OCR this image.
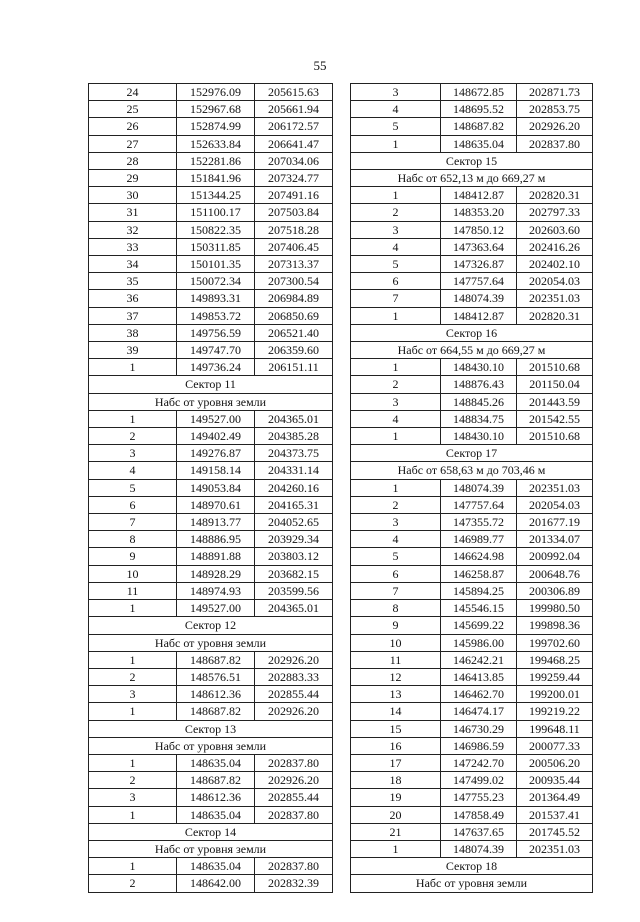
55
24	152976.09	205615.63
25	152967.68	205661.94
26	152874.99	206172.57
27	152633.84	206641.47
28	152281.86	207034.06
29	151841.96	207324.77
30	151344.25	207491.16
31	151100.17	207503.84
32	150822.35	207518.28
33	150311.85	207406.45
34	150101.35	207313.37
35	150072.34	207300.54
36	149893.31	206984.89
37	149853.72	206850.69
38	149756.59	206521.40
39	149747.70	206359.60
1	149736.24	206151.11
Сектор 11		
Набс от уровня земли		
1	149527.00	204365.01
2	149402.49	204385.28
3	149276.87	204373.75
4	149158.14	204331.14
5	149053.84	204260.16
6	148970.61	204165.31
7	148913.77	204052.65
8	148886.95	203929.34
9	148891.88	203803.12
10	148928.29	203682.15
11	148974.93	203599.56
1	149527.00	204365.01
Сектор 12		
Набс от уровня земли		
1	148687.82	202926.20
2	148576.51	202883.33
3	148612.36	202855.44
1	148687.82	202926.20
Сектор 13		
Набс от уровня земли		
1	148635.04	202837.80
2	148687.82	202926.20
3	148612.36	202855.44
1	148635.04	202837.80
Сектор 14		
Набс от уровня земли		
1	148635.04	202837.80
2	148642.00	202832.39
3	148672.85	202871.73
4	148695.52	202853.75
5	148687.82	202926.20
1	148635.04	202837.80
Сектор 15		
Набс от 652,13 м до 669,27 м		
1	148412.87	202820.31
2	148353.20	202797.33
3	147850.12	202603.60
4	147363.64	202416.26
5	147326.87	202402.10
6	147757.64	202054.03
7	148074.39	202351.03
1	148412.87	202820.31
Сектор 16		
Набс от 664,55 м до 669,27 м		
1	148430.10	201510.68
2	148876.43	201150.04
3	148845.26	201443.59
4	148834.75	201542.55
1	148430.10	201510.68
Сектор 17		
Набс от 658,63 м до 703,46 м		
1	148074.39	202351.03
2	147757.64	202054.03
3	147355.72	201677.19
4	146989.77	201334.07
5	146624.98	200992.04
6	146258.87	200648.76
7	145894.25	200306.89
8	145546.15	199980.50
9	145699.22	199898.36
10	145986.00	199702.60
11	146242.21	199468.25
12	146413.85	199259.44
13	146462.70	199200.01
14	146474.17	199219.22
15	146730.29	199648.11
16	146986.59	200077.33
17	147242.70	200506.20
18	147499.02	200935.44
19	147755.23	201364.49
20	147858.49	201537.41
21	147637.65	201745.52
1	148074.39	202351.03
Сектор 18		
Набс от уровня земли		
